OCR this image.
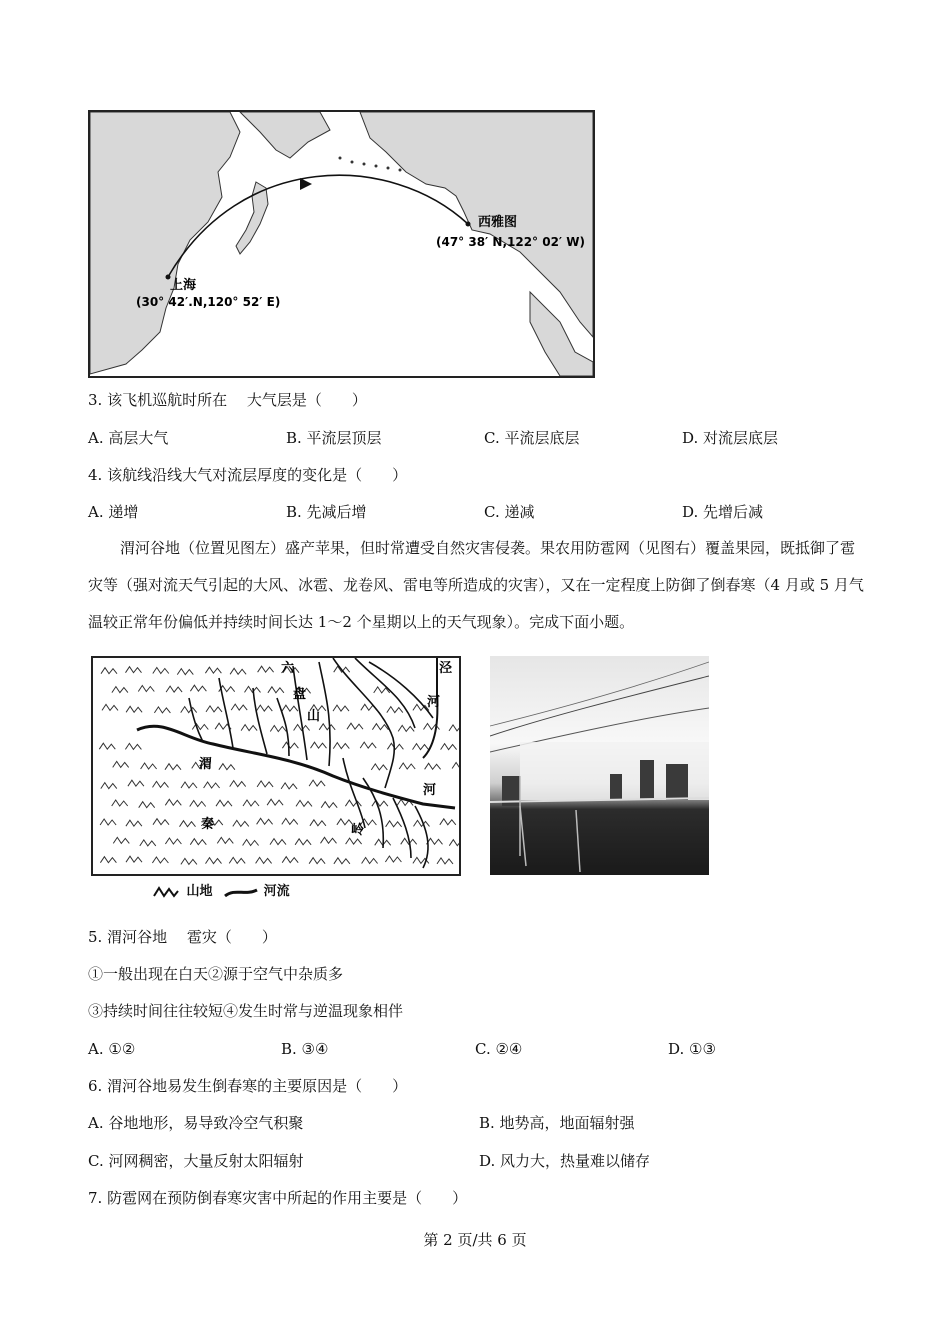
上海
(30° 42′.N,120° 52′ E)
西雅图
(47° 38′ N,122° 02′ W)
3. 该飞机巡航时所在　 大气层是（　　）
A. 高层大气	B. 平流层顶层	C. 平流层底层	D. 对流层底层
4. 该航线沿线大气对流层厚度的变化是（　　）
A. 递增	B. 先减后增	C. 递减	D. 先增后减
渭河谷地（位置见图左）盛产苹果，但时常遭受自然灾害侵袭。果农用防雹网（见图右）覆盖果园，既抵御了雹灾等（强对流天气引起的大风、冰雹、龙卷风、雷电等所造成的灾害），又在一定程度上防御了倒春寒（4 月或 5 月气温较正常年份偏低并持续时间长达 1～2 个星期以上的天气现象）。完成下面小题。
六
盘
山
泾
河
渭
河
秦	岭
山地	河流
5. 渭河谷地　 雹灾（　　）
①一般出现在白天②源于空气中杂质多
③持续时间往往较短④发生时常与逆温现象相伴
A. ①②	B. ③④	C. ②④	D. ①③
6. 渭河谷地易发生倒春寒的主要原因是（　　）
A. 谷地地形，易导致冷空气积聚	B. 地势高，地面辐射强
C. 河网稠密，大量反射太阳辐射	D. 风力大，热量难以储存
7. 防雹网在预防倒春寒灾害中所起的作用主要是（　　）
第 2 页/共 6 页
